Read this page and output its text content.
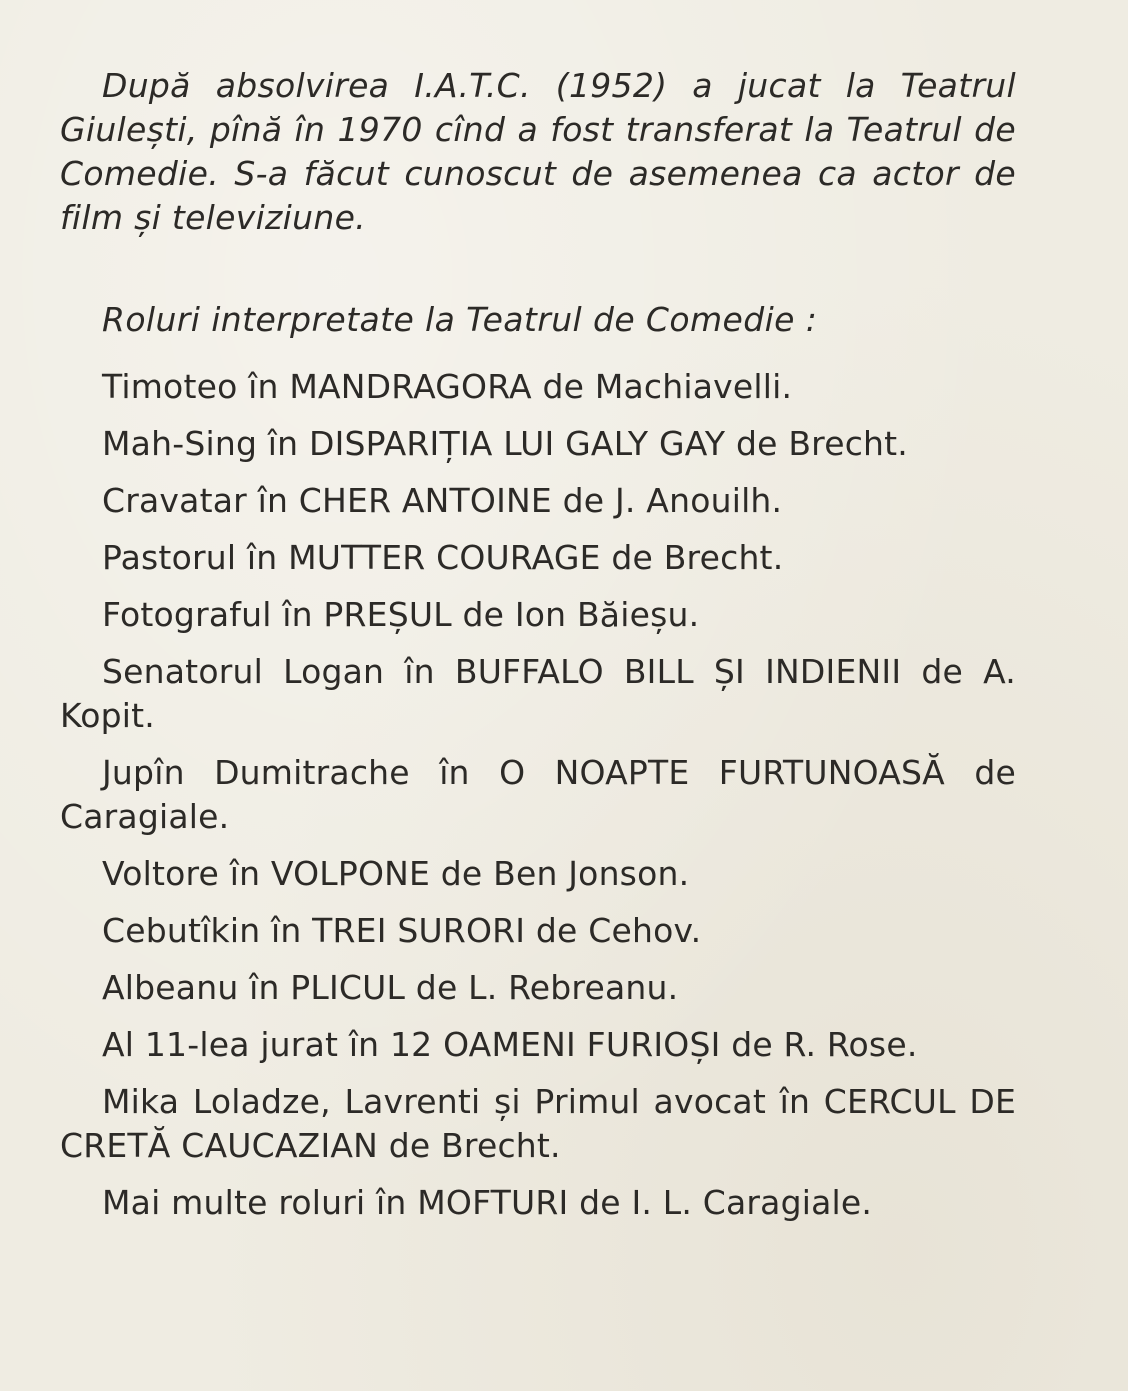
După absolvirea I.A.T.C. (1952) a jucat la Teatrul Giulești, pînă în 1970 cînd a fost transferat la Teatrul de Comedie. S-a făcut cunoscut de asemenea ca actor de film și televiziune.

Roluri interpretate la Teatrul de Comedie :
Timoteo în MANDRAGORA de Machiavelli.
Mah-Sing în DISPARIȚIA LUI GALY GAY de Brecht.
Cravatar în CHER ANTOINE de J. Anouilh.
Pastorul în MUTTER COURAGE de Brecht.
Fotograful în PREȘUL de Ion Băieșu.
Senatorul Logan în BUFFALO BILL ȘI INDIENII de A. Kopit.
Jupîn Dumitrache în O NOAPTE FURTUNOASĂ de Caragiale.
Voltore în VOLPONE de Ben Jonson.
Cebutîkin în TREI SURORI de Cehov.
Albeanu în PLICUL de L. Rebreanu.
Al 11-lea jurat în 12 OAMENI FURIOȘI de R. Rose.
Mika Loladze, Lavrenti și Primul avocat în CERCUL DE CRETĂ CAUCAZIAN de Brecht.
Mai multe roluri în MOFTURI de I. L. Caragiale.
